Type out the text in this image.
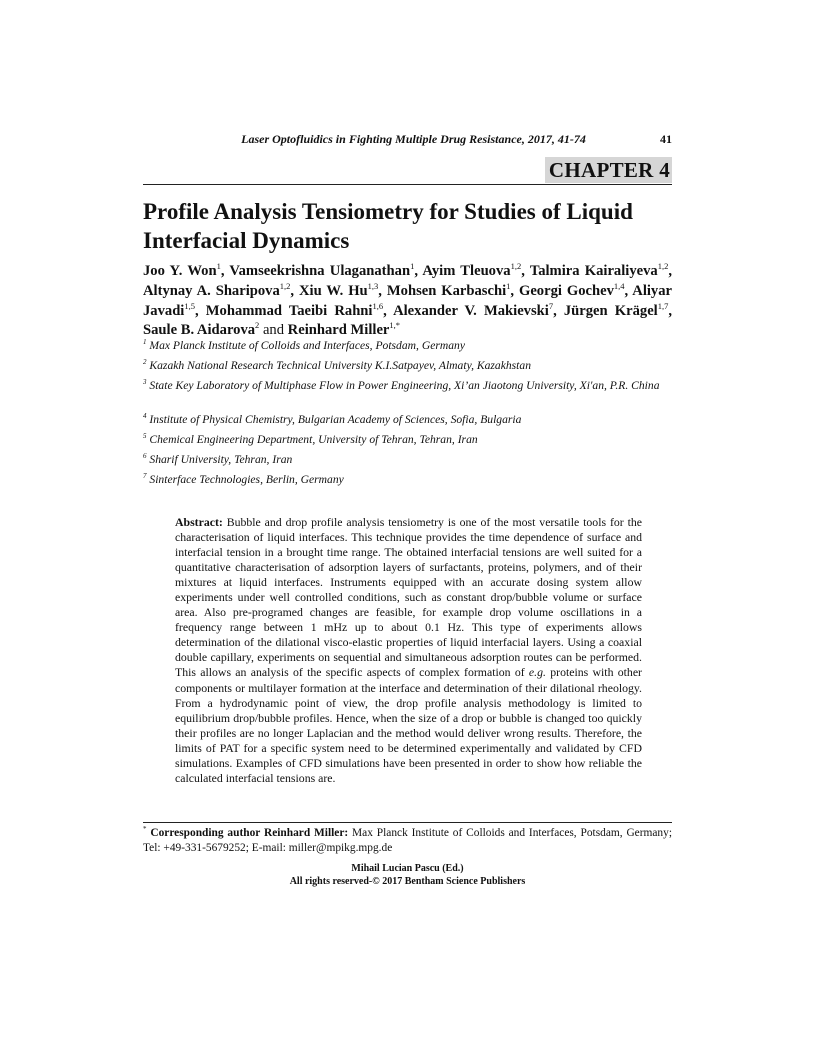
Laser Optofluidics in Fighting Multiple Drug Resistance, 2017, 41-74	41
CHAPTER 4
Profile Analysis Tensiometry for Studies of Liquid Interfacial Dynamics

Joo Y. Won$^1$, Vamseekrishna Ulaganathan$^1$, Ayim Tleuova$^{1,2}$, Talmira Kairaliyeva$^{1,2}$, Altynay A. Sharipova$^{1,2}$, Xiu W. Hu$^{1,3}$, Mohsen Karbaschi$^1$, Georgi Gochev$^{1,4}$, Aliyar Javadi$^{1,5}$, Mohammad Taeibi Rahni$^{1,6}$, Alexander V. Makievski$^7$, Jürgen Krägel$^{1,7}$, Saule B. Aidarova$^2$ and Reinhard Miller$^{1,*}$

$^1$ Max Planck Institute of Colloids and Interfaces, Potsdam, Germany

$^2$ Kazakh National Research Technical University K.I.Satpayev, Almaty, Kazakhstan

$^3$ State Key Laboratory of Multiphase Flow in Power Engineering, Xi’an Jiaotong University, Xi'an, P.R. China

$^4$ Institute of Physical Chemistry, Bulgarian Academy of Sciences, Sofia, Bulgaria

$^5$ Chemical Engineering Department, University of Tehran, Tehran, Iran

$^6$ Sharif University, Tehran, Iran

$^7$ Sinterface Technologies, Berlin, Germany

Abstract: Bubble and drop profile analysis tensiometry is one of the most versatile tools for the characterisation of liquid interfaces. This technique provides the time dependence of surface and interfacial tension in a brought time range. The obtained interfacial tensions are well suited for a quantitative characterisation of adsorption layers of surfactants, proteins, polymers, and of their mixtures at liquid interfaces. Instruments equipped with an accurate dosing system allow experiments under well controlled conditions, such as constant drop/bubble volume or surface area. Also pre-programed changes are feasible, for example drop volume oscillations in a frequency range between 1 mHz up to about 0.1 Hz. This type of experiments allows determination of the dilational visco-elastic properties of liquid interfacial layers. Using a coaxial double capillary, experiments on sequential and simultaneous adsorption routes can be performed. This allows an analysis of the specific aspects of complex formation of e.g. proteins with other components or multilayer formation at the interface and determination of their dilational rheology. From a hydrodynamic point of view, the drop profile analysis methodology is limited to equilibrium drop/bubble profiles. Hence, when the size of a drop or bubble is changed too quickly their profiles are no longer Laplacian and the method would deliver wrong results. Therefore, the limits of PAT for a specific system need to be determined experimentally and validated by CFD simulations. Examples of CFD simulations have been presented in order to show how reliable the calculated interfacial tensions are.

* Corresponding author Reinhard Miller: Max Planck Institute of Colloids and Interfaces, Potsdam, Germany; Tel: +49-331-5679252; E-mail: miller@mpikg.mpg.de

Mihail Lucian Pascu (Ed.)
All rights reserved-© 2017 Bentham Science Publishers
